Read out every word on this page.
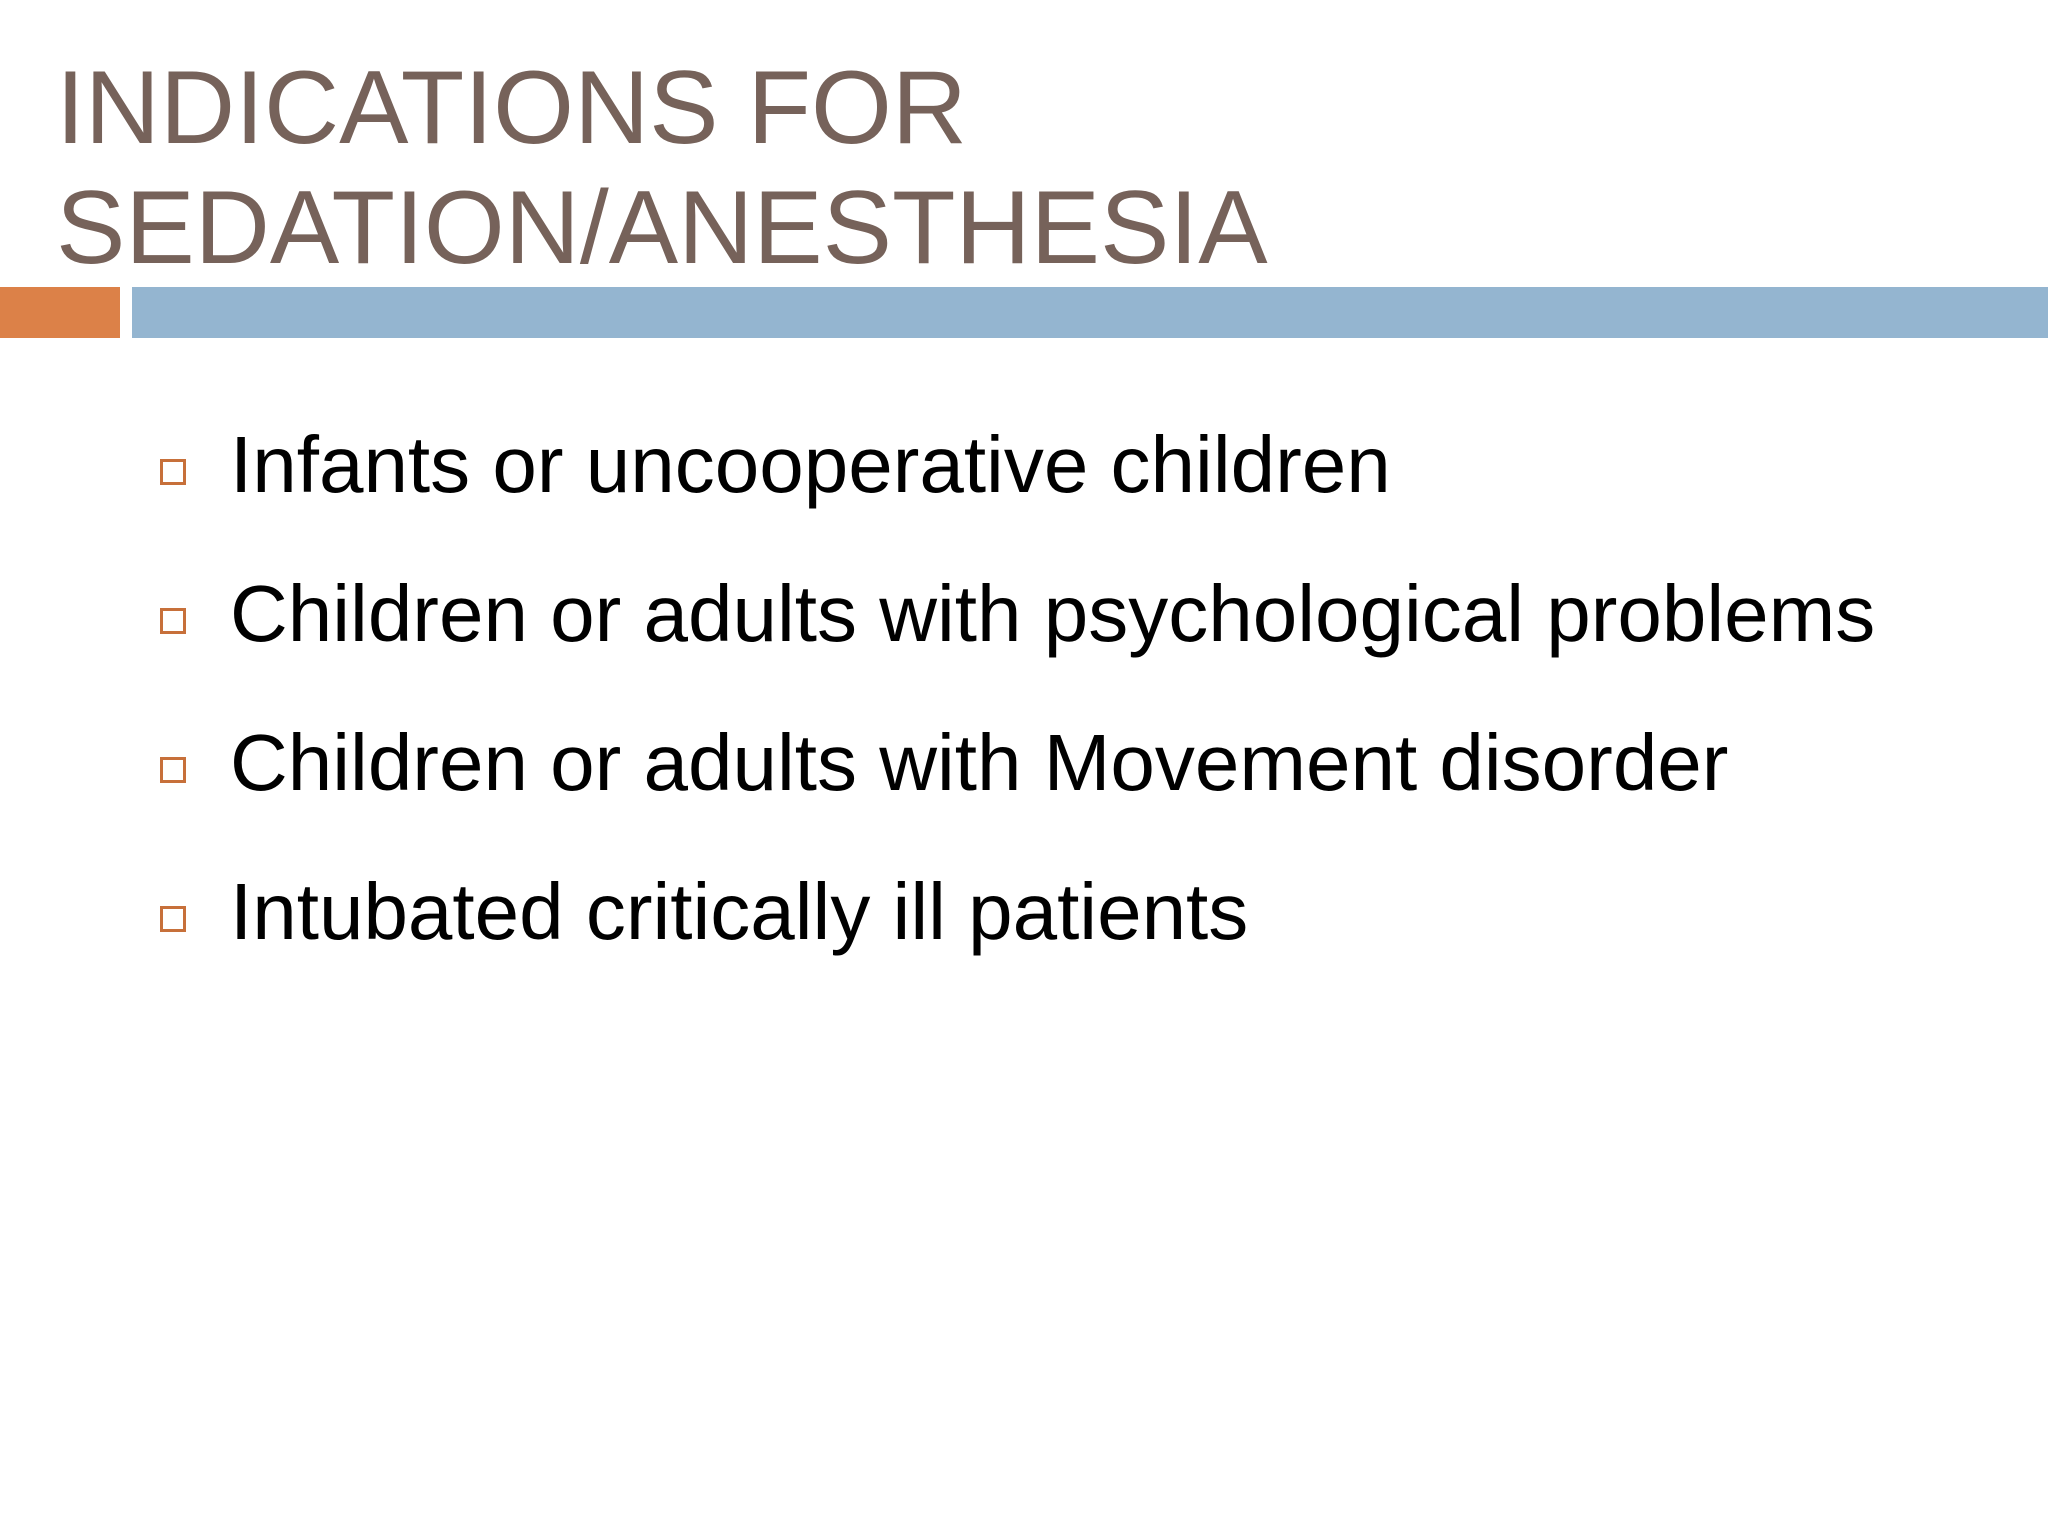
INDICATIONS FOR
SEDATION/ANESTHESIA
Infants or uncooperative children
Children or adults with psychological problems
Children or adults with Movement disorder
Intubated critically ill patients
